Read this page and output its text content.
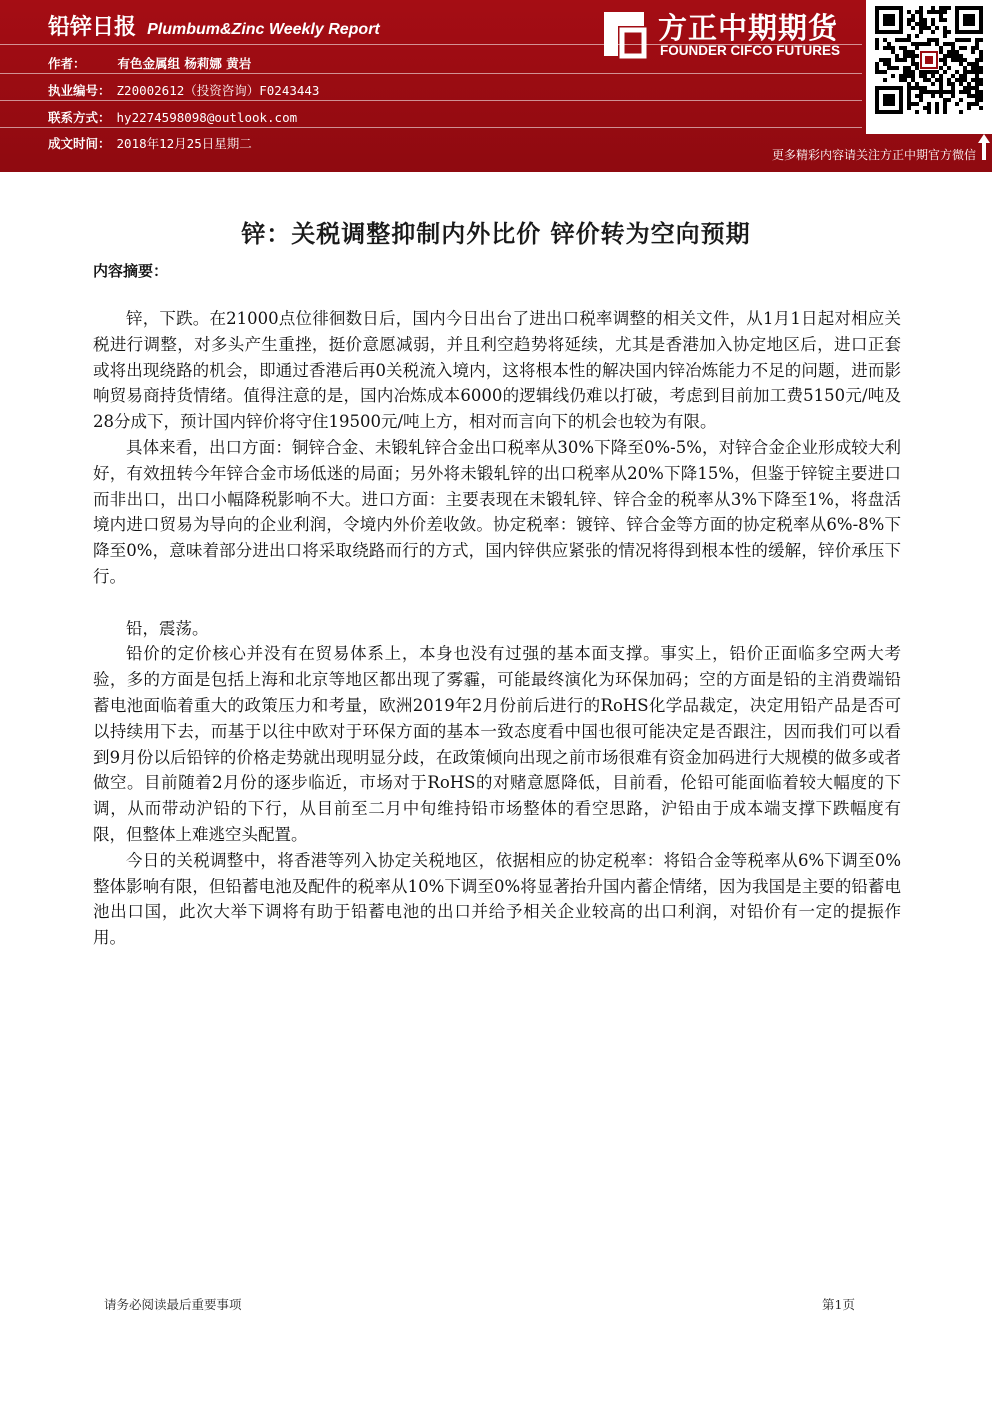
铅锌日报 Plumbum&Zinc Weekly Report
作者：	有色金属组 杨莉娜 黄岩
执业编号： Z20002612（投资咨询）F0243443
联系方式： hy2274598098@outlook.com
成文时间： 2018年12月25日星期二
方正中期期货
FOUNDER CIFCO FUTURES
更多精彩内容请关注方正中期官方微信
锌：关税调整抑制内外比价 锌价转为空向预期
内容摘要：

锌，下跌。在21000点位徘徊数日后，国内今日出台了进出口税率调整的相关文件，从1月1日起对相应关税进行调整，对多头产生重挫，挺价意愿减弱，并且利空趋势将延续，尤其是香港加入协定地区后，进口正套或将出现绕路的机会，即通过香港后再0关税流入境内，这将根本性的解决国内锌冶炼能力不足的问题，进而影响贸易商持货情绪。值得注意的是，国内冶炼成本6000的逻辑线仍难以打破，考虑到目前加工费5150元/吨及28分成下，预计国内锌价将守住19500元/吨上方，相对而言向下的机会也较为有限。

具体来看，出口方面：铜锌合金、未锻轧锌合金出口税率从30%下降至0%-5%，对锌合金企业形成较大利好，有效扭转今年锌合金市场低迷的局面；另外将未锻轧锌的出口税率从20%下降15%，但鉴于锌锭主要进口而非出口，出口小幅降税影响不大。进口方面：主要表现在未锻轧锌、锌合金的税率从3%下降至1%，将盘活境内进口贸易为导向的企业利润，令境内外价差收敛。协定税率：镀锌、锌合金等方面的协定税率从6%-8%下降至0%，意味着部分进出口将采取绕路而行的方式，国内锌供应紧张的情况将得到根本性的缓解，锌价承压下行。

铅，震荡。

铅价的定价核心并没有在贸易体系上，本身也没有过强的基本面支撑。事实上，铅价正面临多空两大考验，多的方面是包括上海和北京等地区都出现了雾霾，可能最终演化为环保加码；空的方面是铅的主消费端铅蓄电池面临着重大的政策压力和考量，欧洲2019年2月份前后进行的RoHS化学品裁定，决定用铅产品是否可以持续用下去，而基于以往中欧对于环保方面的基本一致态度看中国也很可能决定是否跟注，因而我们可以看到9月份以后铅锌的价格走势就出现明显分歧，在政策倾向出现之前市场很难有资金加码进行大规模的做多或者做空。目前随着2月份的逐步临近，市场对于RoHS的对赌意愿降低，目前看，伦铅可能面临着较大幅度的下调，从而带动沪铅的下行，从目前至二月中旬维持铅市场整体的看空思路，沪铅由于成本端支撑下跌幅度有限，但整体上难逃空头配置。

今日的关税调整中，将香港等列入协定关税地区，依据相应的协定税率：将铅合金等税率从6%下调至0%整体影响有限，但铅蓄电池及配件的税率从10%下调至0%将显著抬升国内蓄企情绪，因为我国是主要的铅蓄电池出口国，此次大举下调将有助于铅蓄电池的出口并给予相关企业较高的出口利润，对铅价有一定的提振作用。

请务必阅读最后重要事项	第1页
